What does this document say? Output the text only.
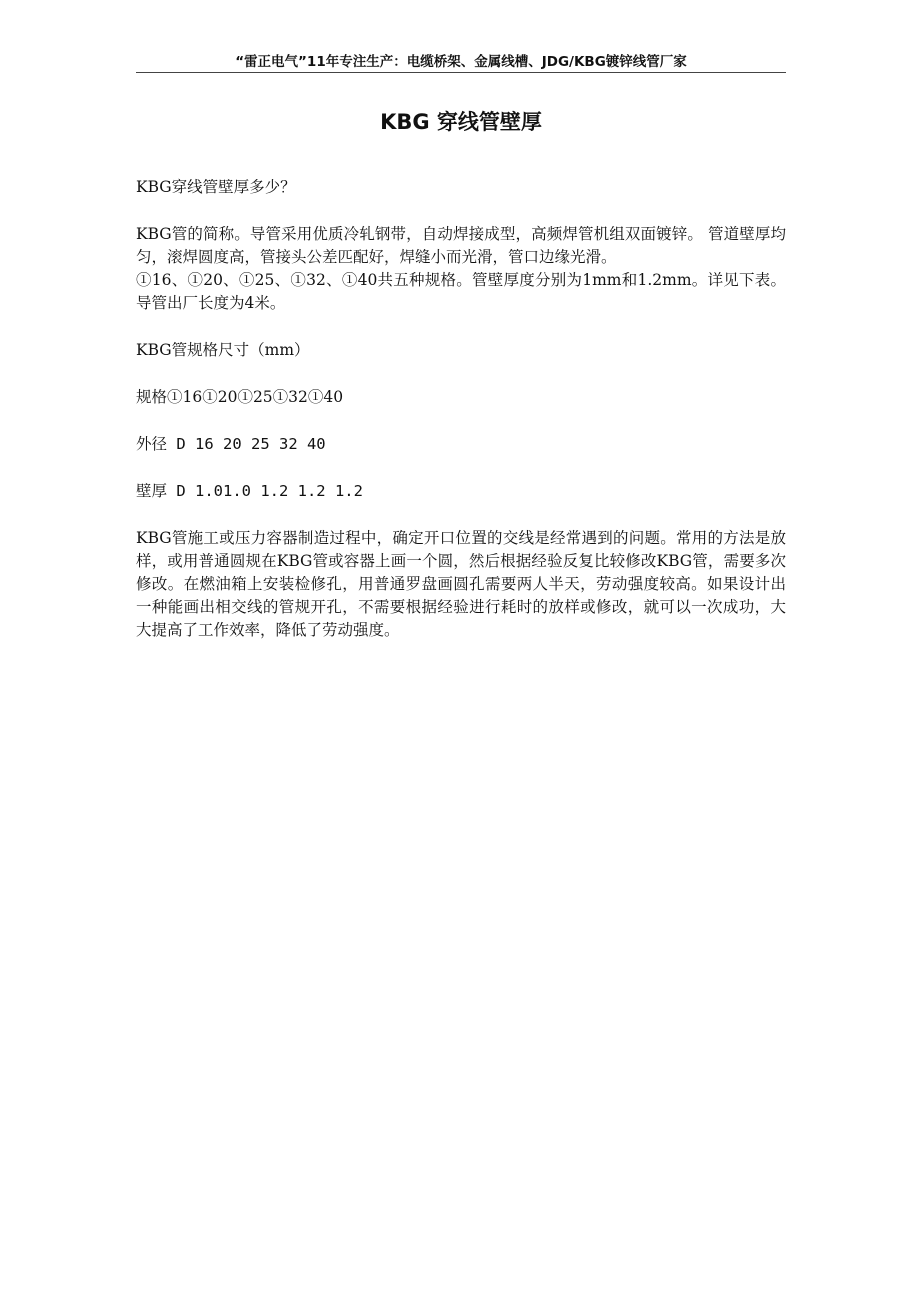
“雷正电气”11年专注生产：电缆桥架、金属线槽、JDG/KBG镀锌线管厂家
KBG 穿线管壁厚

KBG穿线管壁厚多少？

KBG管的简称。导管采用优质冷轧钢带，自动焊接成型，高频焊管机组双面镀锌。 管道壁厚均匀，滚焊圆度高，管接头公差匹配好，焊缝小而光滑，管口边缘光滑。

①16、①20、①25、①32、①40共五种规格。管壁厚度分别为1mm和1.2mm。详见下表。导管出厂长度为4米。

KBG管规格尺寸（mm）

规格①16①20①25①32①40

外径 D 16 20 25 32 40

壁厚 D 1.01.0 1.2 1.2 1.2

KBG管施工或压力容器制造过程中，确定开口位置的交线是经常遇到的问题。常用的方法是放样，或用普通圆规在KBG管或容器上画一个圆，然后根据经验反复比较修改KBG管，需要多次修改。在燃油箱上安装检修孔，用普通罗盘画圆孔需要两人半天，劳动强度较高。如果设计出一种能画出相交线的管规开孔，不需要根据经验进行耗时的放样或修改，就可以一次成功，大大提高了工作效率，降低了劳动强度。
